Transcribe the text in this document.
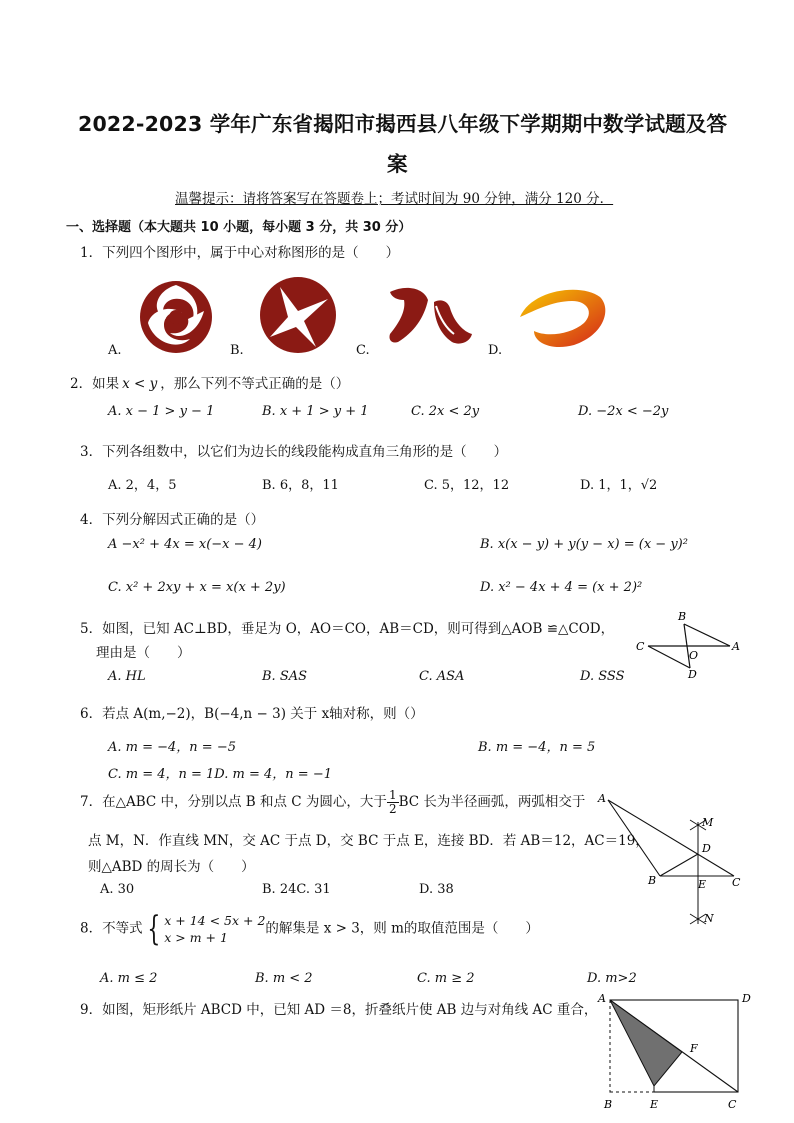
2022-2023 学年广东省揭阳市揭西县八年级下学期期中数学试题及答
案
温馨提示：请将答案写在答题卷上；考试时间为 90 分钟，满分 120 分．
一、选择题（本大题共 10 小题，每小题 3 分，共 30 分）
1．下列四个图形中，属于中心对称图形的是（　　）
A.	B.	C.	D.
2．如果 x < y ，那么下列不等式正确的是（）
A. x − 1 > y − 1	B. x + 1 > y + 1	C. 2x < 2y	D. −2x < −2y
3．下列各组数中，以它们为边长的线段能构成直角三角形的是（　　）
A. 2，4，5	B. 6，8，11	C. 5，12，12	D. 1，1，√2
4．下列分解因式正确的是（）
A −x² + 4x = x(−x − 4)	B. x(x − y) + y(y − x) = (x − y)²
C. x² + 2xy + x = x(x + 2y)	D. x² − 4x + 4 = (x + 2)²
5．如图，已知 AC⊥BD，垂足为 O，AO＝CO，AB＝CD，则可得到△AOB ≌△COD，
理由是（　　）
A. HL	B. SAS	C. ASA	D. SSS
B
C
O
A
D
6．若点 A(m,−2)，B(−4,n − 3) 关于 x轴对称，则（）
A. m = −4，n = −5	B. m = −4，n = 5
C. m = 4，n = 1D. m = 4，n = −1
7．在△ABC 中，分别以点 B 和点 C 为圆心，大于 $\frac{1}{2}$ BC 长为半径画弧，两弧相交于
点 M，N．作直线 MN，交 AC 于点 D，交 BC 于点 E，连接 BD．若 AB＝12，AC＝19，
则△ABD 的周长为（　　）
A. 30	B. 24C. 31	D. 38
A
M
D
B	E C
N
8．不等式 { x + 14 < 5x + 2
x > m + 1
的解集是 x > 3，则 m的取值范围是（　　）
A. m ≤ 2	B. m < 2	C. m ≥ 2	D. m>2
9．如图，矩形纸片 ABCD 中，已知 AD ＝8，折叠纸片使 AB 边与对角线 AC 重合，
A	D
F
B	E	C
